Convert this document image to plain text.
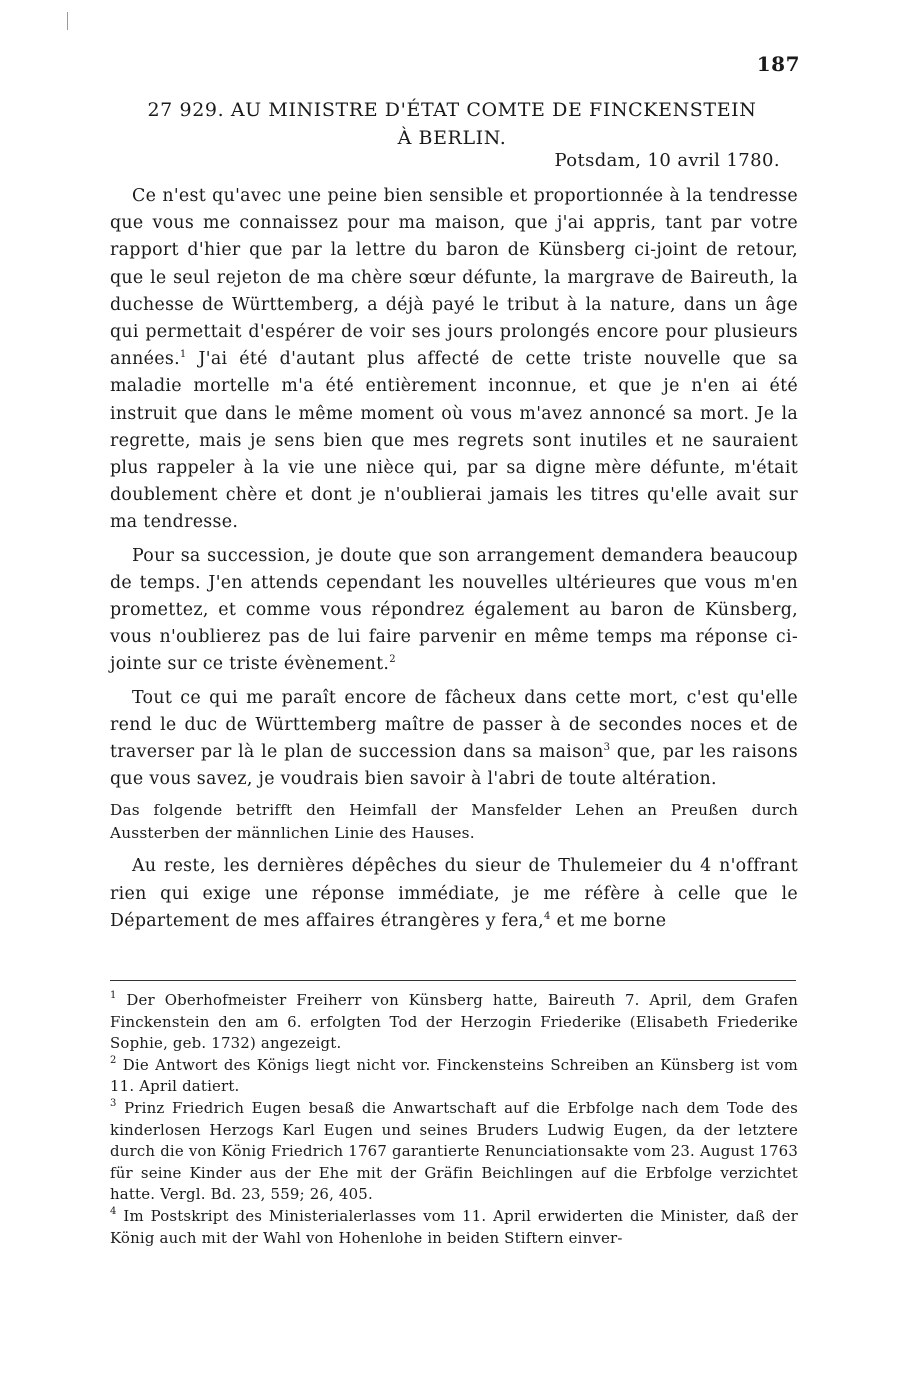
187
27 929. AU MINISTRE D'ÉTAT COMTE DE FINCKENSTEIN
À BERLIN.
Potsdam, 10 avril 1780.

Ce n'est qu'avec une peine bien sensible et proportionnée à la tendresse que vous me connaissez pour ma maison, que j'ai appris, tant par votre rapport d'hier que par la lettre du baron de Künsberg ci-joint de retour, que le seul rejeton de ma chère sœur défunte, la margrave de Baireuth, la duchesse de Württemberg, a déjà payé le tribut à la nature, dans un âge qui permettait d'espérer de voir ses jours prolongés encore pour plusieurs années.$^1$ J'ai été d'autant plus affecté de cette triste nouvelle que sa maladie mortelle m'a été entièrement inconnue, et que je n'en ai été instruit que dans le même moment où vous m'avez annoncé sa mort. Je la regrette, mais je sens bien que mes regrets sont inutiles et ne sauraient plus rappeler à la vie une nièce qui, par sa digne mère défunte, m'était doublement chère et dont je n'oublierai jamais les titres qu'elle avait sur ma tendresse.

Pour sa succession, je doute que son arrangement demandera beaucoup de temps. J'en attends cependant les nouvelles ultérieures que vous m'en promettez, et comme vous répondrez également au baron de Künsberg, vous n'oublierez pas de lui faire parvenir en même temps ma réponse ci-jointe sur ce triste évènement.$^2$

Tout ce qui me paraît encore de fâcheux dans cette mort, c'est qu'elle rend le duc de Württemberg maître de passer à de secondes noces et de traverser par là le plan de succession dans sa maison$^3$ que, par les raisons que vous savez, je voudrais bien savoir à l'abri de toute altération.

Das folgende betrifft den Heimfall der Mansfelder Lehen an Preußen durch Aussterben der männlichen Linie des Hauses.

Au reste, les dernières dépêches du sieur de Thulemeier du 4 n'offrant rien qui exige une réponse immédiate, je me réfère à celle que le Département de mes affaires étrangères y fera,$^4$ et me borne

$^1$ Der Oberhofmeister Freiherr von Künsberg hatte, Baireuth 7. April, dem Grafen Finckenstein den am 6. erfolgten Tod der Herzogin Friederike (Elisabeth Friederike Sophie, geb. 1732) angezeigt.

$^2$ Die Antwort des Königs liegt nicht vor. Finckensteins Schreiben an Künsberg ist vom 11. April datiert.

$^3$ Prinz Friedrich Eugen besaß die Anwartschaft auf die Erbfolge nach dem Tode des kinderlosen Herzogs Karl Eugen und seines Bruders Ludwig Eugen, da der letztere durch die von König Friedrich 1767 garantierte Renunciationsakte vom 23. August 1763 für seine Kinder aus der Ehe mit der Gräfin Beichlingen auf die Erbfolge verzichtet hatte. Vergl. Bd. 23, 559; 26, 405.

$^4$ Im Postskript des Ministerialerlasses vom 11. April erwiderten die Minister, daß der König auch mit der Wahl von Hohenlohe in beiden Stiftern einver-
